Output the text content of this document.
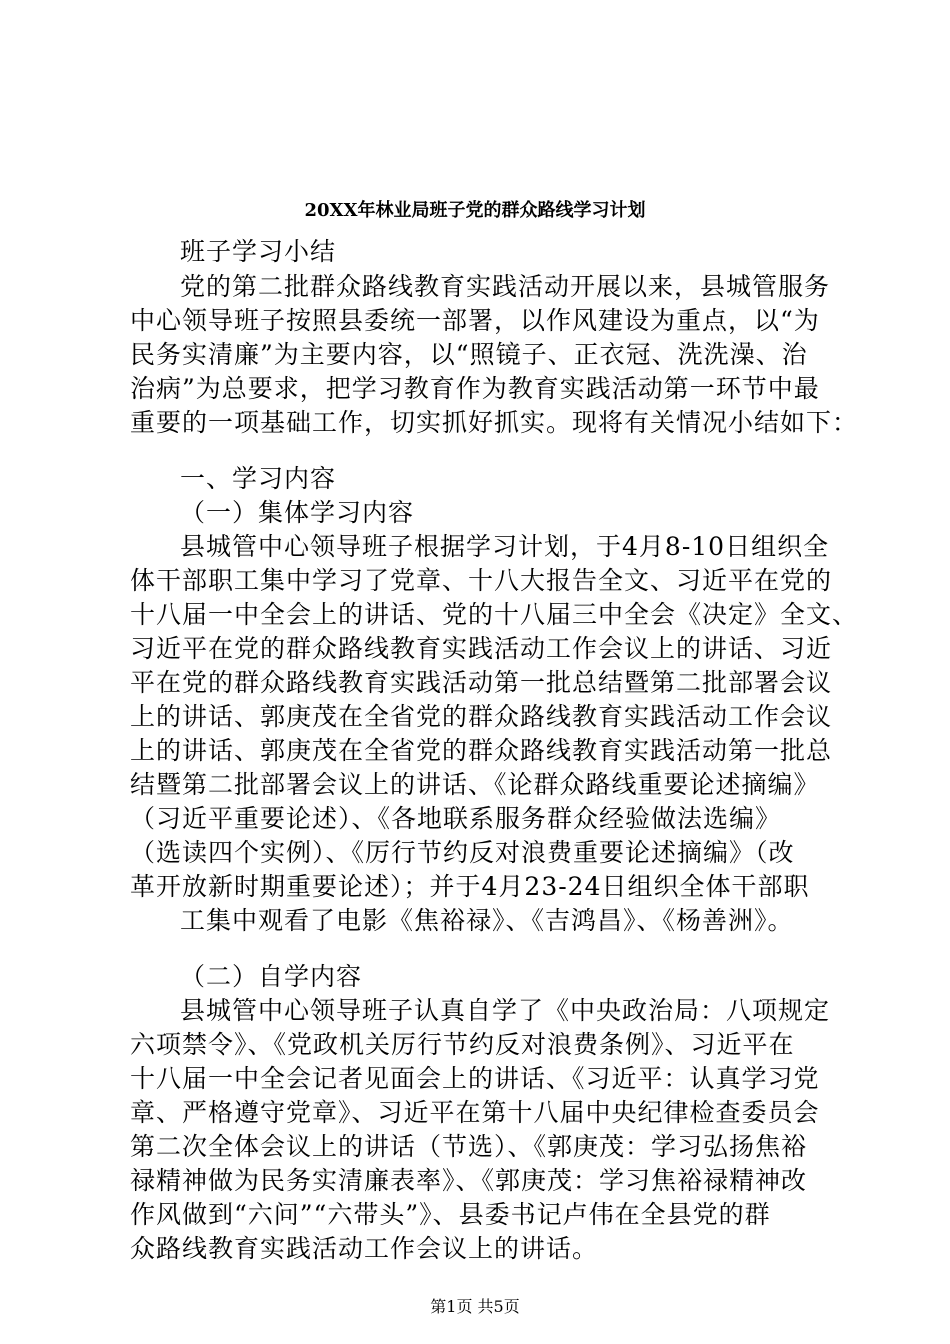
20XX年林业局班子党的群众路线学习计划
班子学习小结
党的第二批群众路线教育实践活动开展以来，县城管服务
中心领导班子按照县委统一部署，以作风建设为重点，以“为
民务实清廉”为主要内容，以“照镜子、正衣冠、洗洗澡、治
治病”为总要求，把学习教育作为教育实践活动第一环节中最
重要的一项基础工作，切实抓好抓实。现将有关情况小结如下：
一、学习内容
（一）集体学习内容
县城管中心领导班子根据学习计划，于4月8-10日组织全
体干部职工集中学习了党章、十八大报告全文、习近平在党的
十八届一中全会上的讲话、党的十八届三中全会《决定》全文、
习近平在党的群众路线教育实践活动工作会议上的讲话、习近
平在党的群众路线教育实践活动第一批总结暨第二批部署会议
上的讲话、郭庚茂在全省党的群众路线教育实践活动工作会议
上的讲话、郭庚茂在全省党的群众路线教育实践活动第一批总
结暨第二批部署会议上的讲话、《论群众路线重要论述摘编》
（习近平重要论述）、《各地联系服务群众经验做法选编》
（选读四个实例）、《厉行节约反对浪费重要论述摘编》（改
革开放新时期重要论述）；并于4月23-24日组织全体干部职
工集中观看了电影《焦裕禄》、《吉鸿昌》、《杨善洲》。
（二）自学内容
县城管中心领导班子认真自学了《中央政治局：八项规定
六项禁令》、《党政机关厉行节约反对浪费条例》、习近平在
十八届一中全会记者见面会上的讲话、《习近平：认真学习党
章、严格遵守党章》、习近平在第十八届中央纪律检查委员会
第二次全体会议上的讲话（节选）、《郭庚茂：学习弘扬焦裕
禄精神做为民务实清廉表率》、《郭庚茂：学习焦裕禄精神改
作风做到“六问”“六带头”》、县委书记卢伟在全县党的群
众路线教育实践活动工作会议上的讲话。
第1页 共5页
